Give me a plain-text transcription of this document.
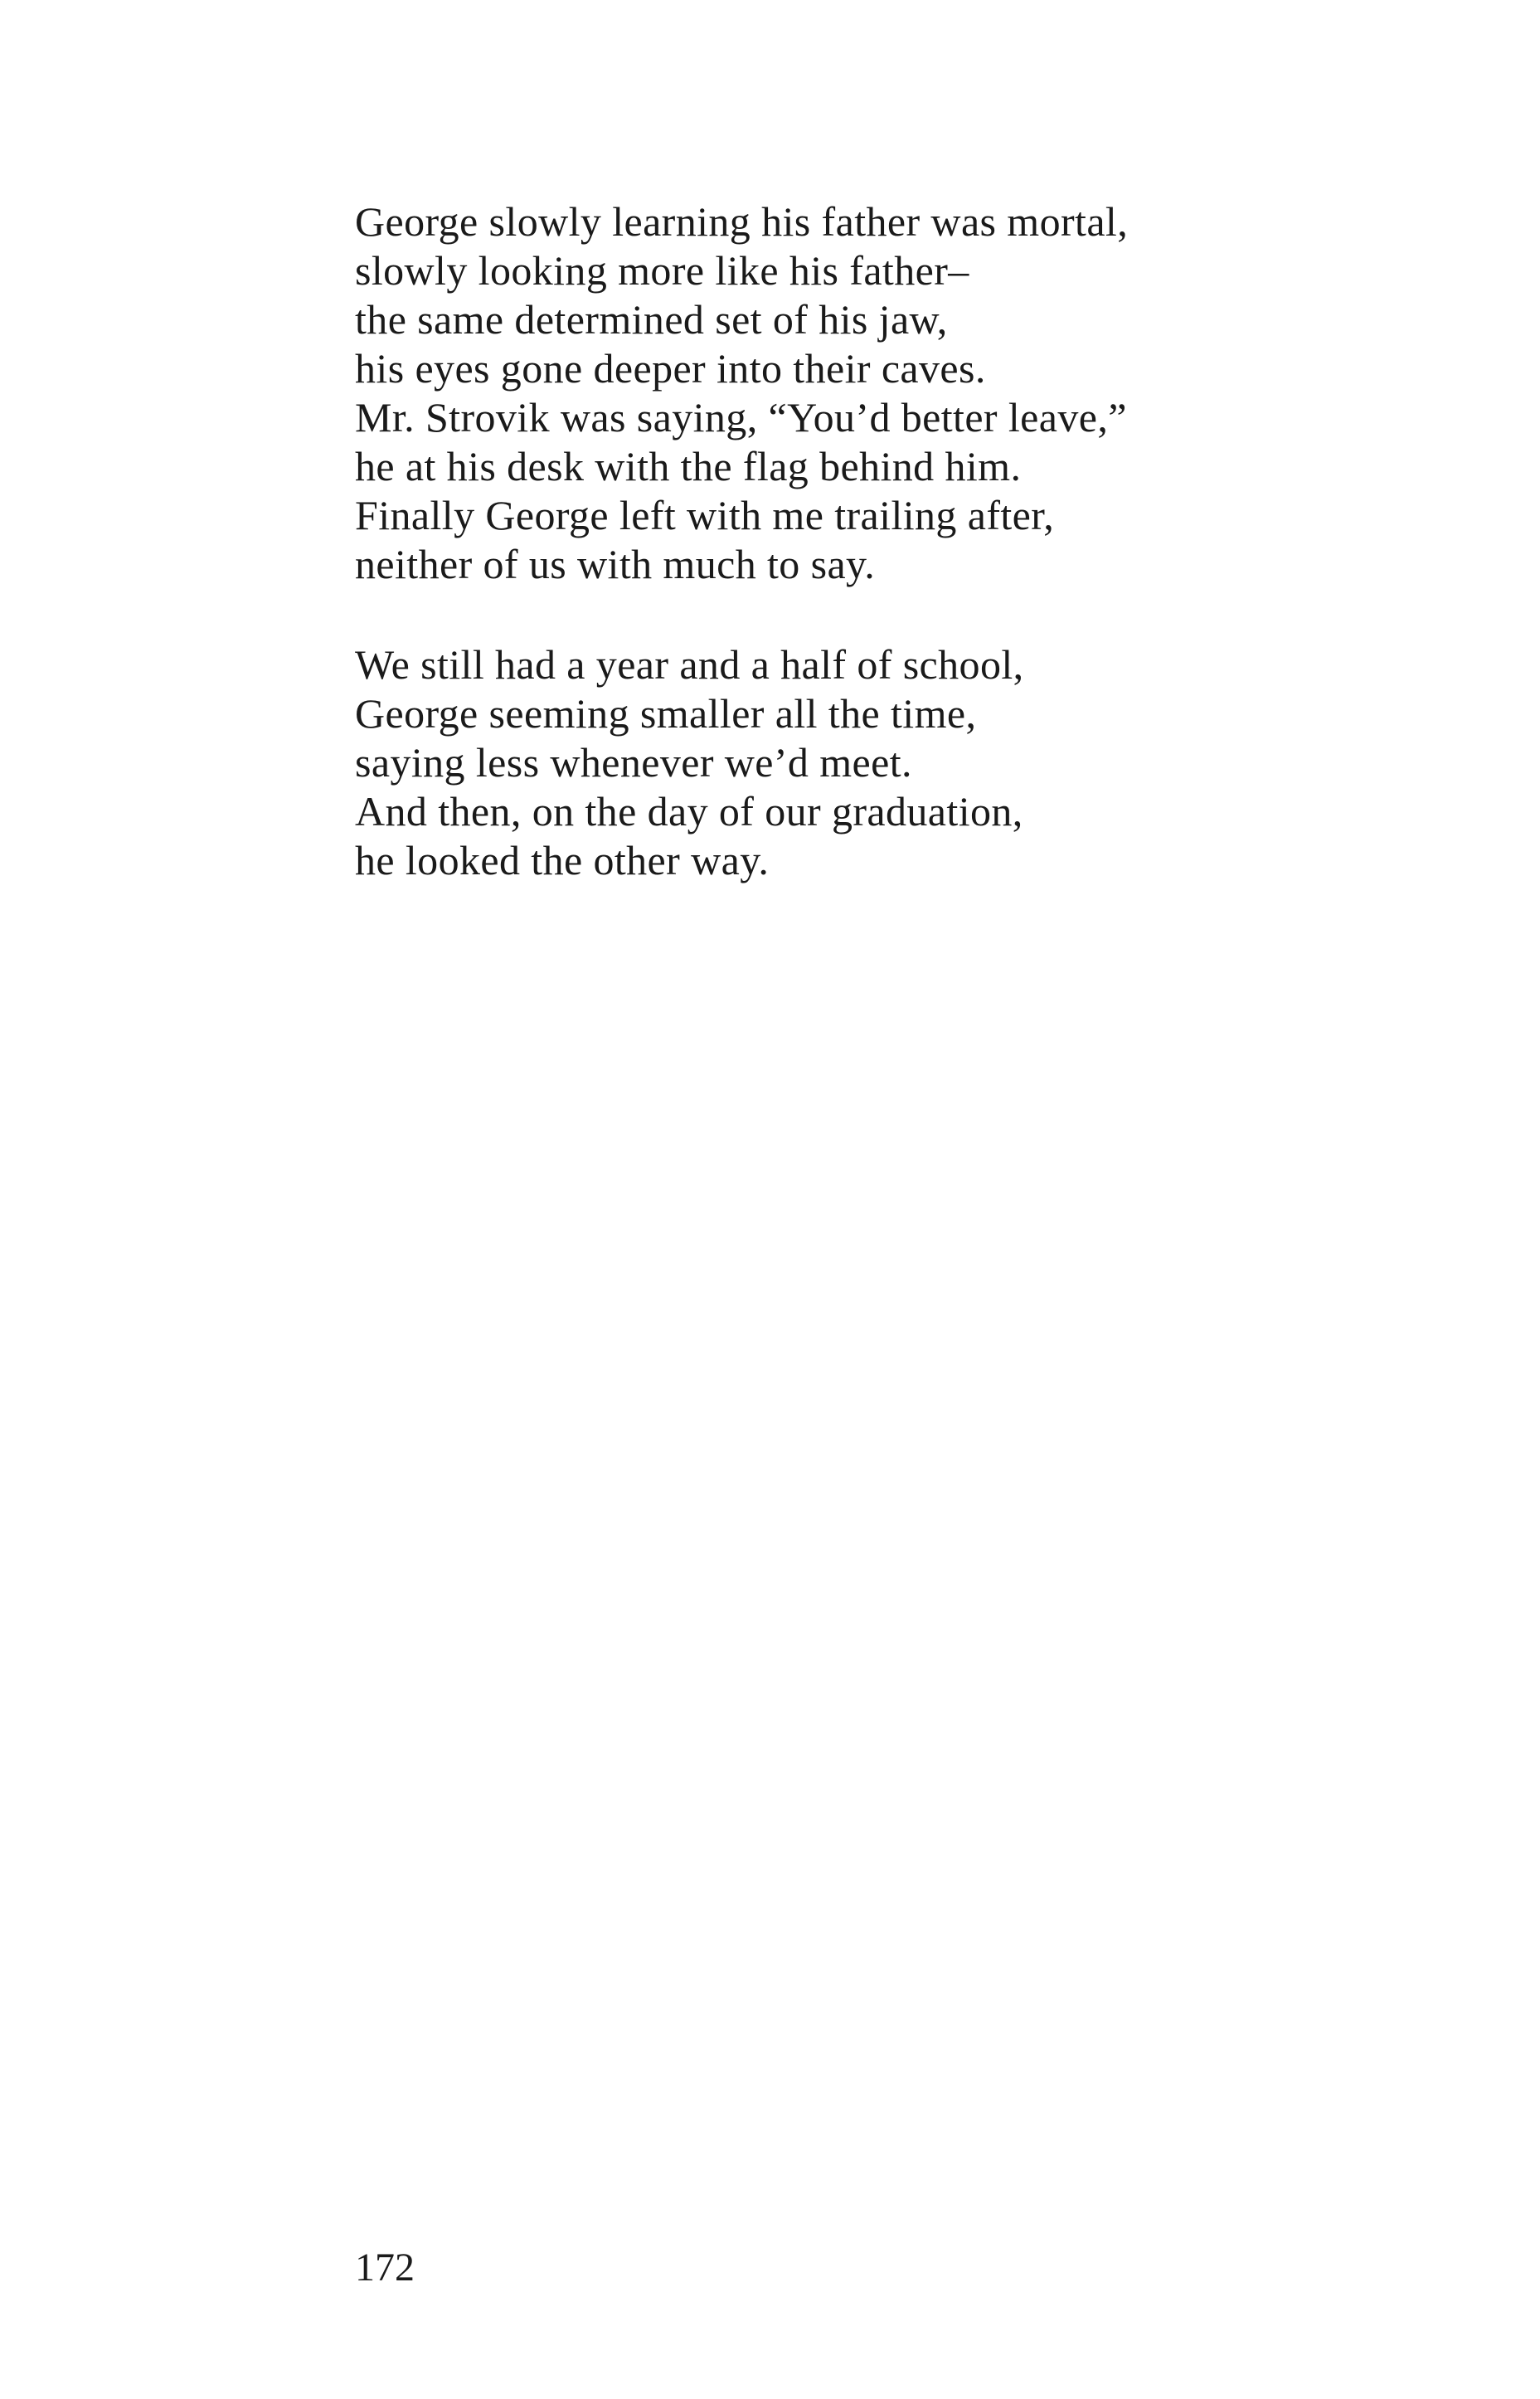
George slowly learning his father was mortal,
slowly looking more like his father–
the same determined set of his jaw,
his eyes gone deeper into their caves.
Mr. Strovik was saying, “You’d better leave,”
he at his desk with the flag behind him.
Finally George left with me trailing after,
neither of us with much to say.
We still had a year and a half of school,
George seeming smaller all the time,
saying less whenever we’d meet.
And then, on the day of our graduation,
he looked the other way.
172
